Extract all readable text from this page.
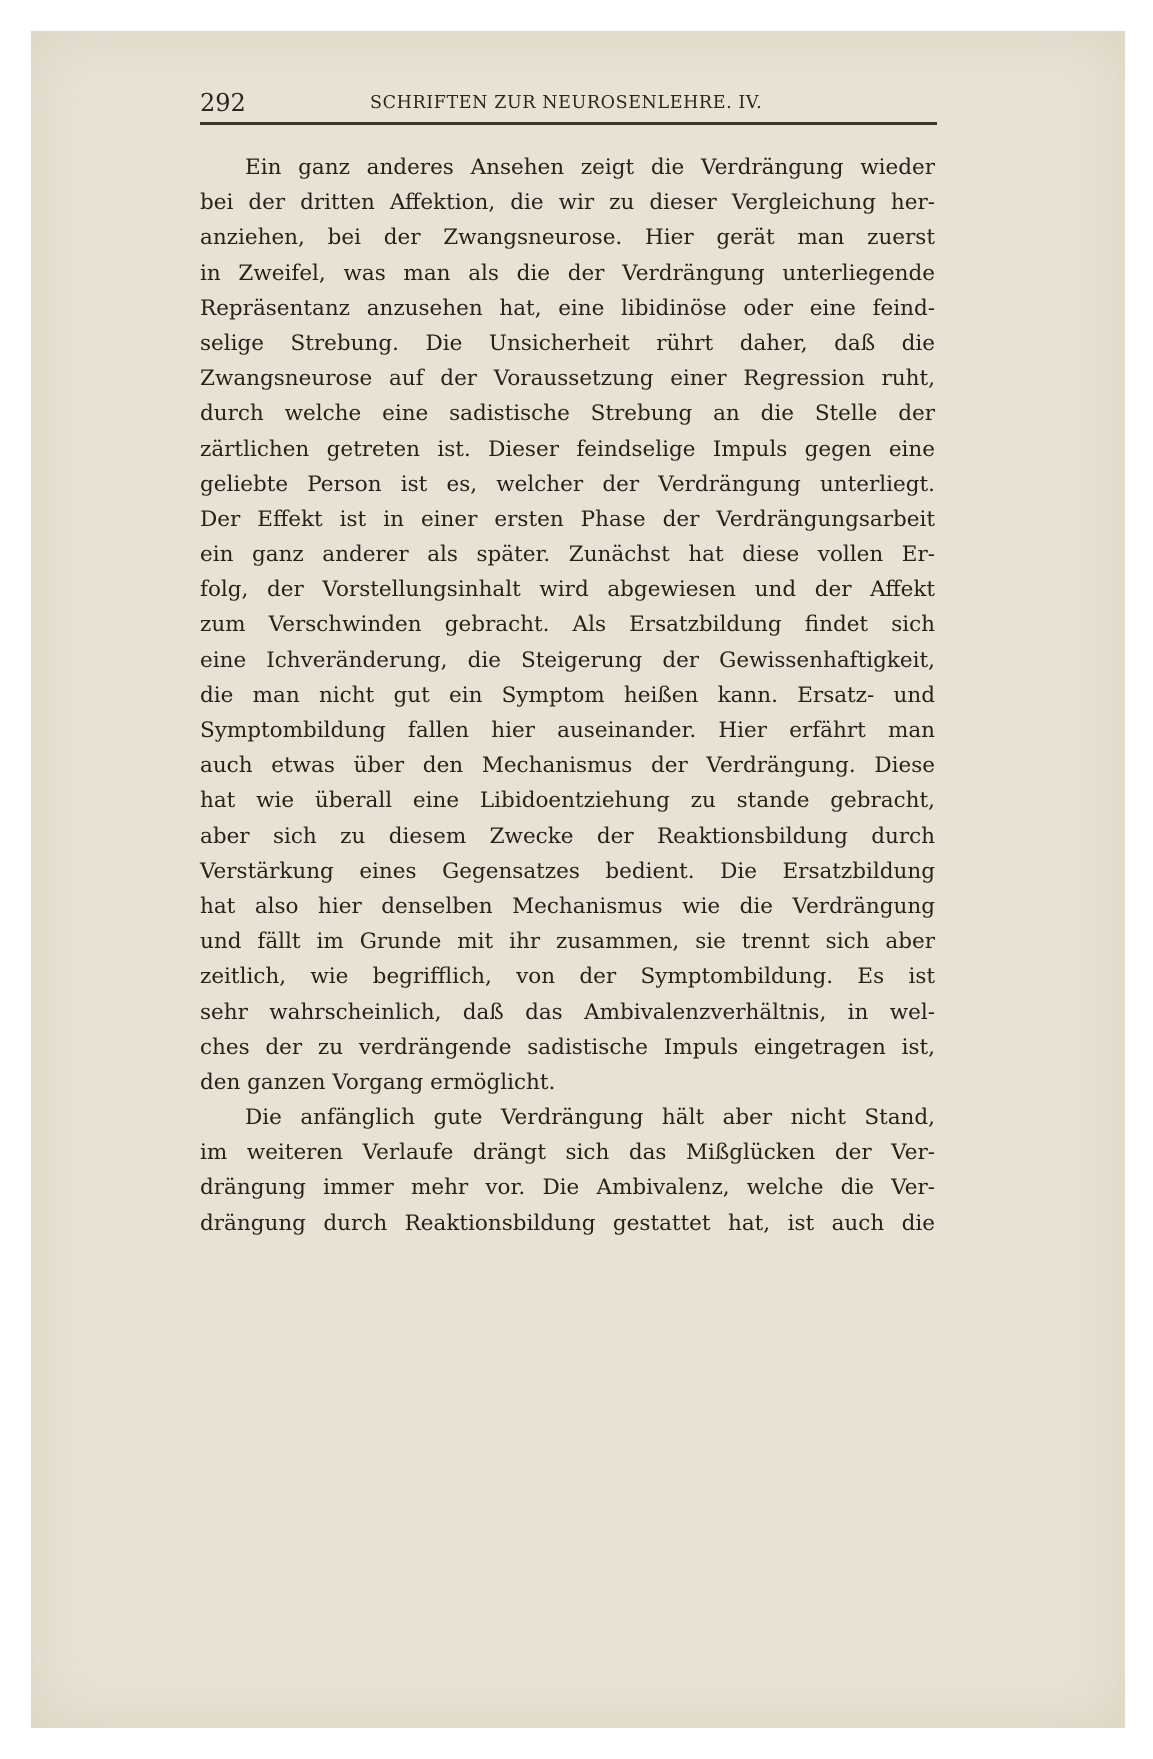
292	SCHRIFTEN ZUR NEUROSENLEHRE. IV.
Ein ganz anderes Ansehen zeigt die Verdrängung wieder
bei der dritten Affektion, die wir zu dieser Vergleichung her-
anziehen, bei der Zwangsneurose. Hier gerät man zuerst
in Zweifel, was man als die der Verdrängung unterliegende
Repräsentanz anzusehen hat, eine libidinöse oder eine feind-
selige Strebung. Die Unsicherheit rührt daher, daß die
Zwangsneurose auf der Voraussetzung einer Regression ruht,
durch welche eine sadistische Strebung an die Stelle der
zärtlichen getreten ist. Dieser feindselige Impuls gegen eine
geliebte Person ist es, welcher der Verdrängung unterliegt.
Der Effekt ist in einer ersten Phase der Verdrängungsarbeit
ein ganz anderer als später. Zunächst hat diese vollen Er-
folg, der Vorstellungsinhalt wird abgewiesen und der Affekt
zum Verschwinden gebracht. Als Ersatzbildung findet sich
eine Ichveränderung, die Steigerung der Gewissenhaftigkeit,
die man nicht gut ein Symptom heißen kann. Ersatz- und
Symptombildung fallen hier auseinander. Hier erfährt man
auch etwas über den Mechanismus der Verdrängung. Diese
hat wie überall eine Libidoentziehung zu stande gebracht,
aber sich zu diesem Zwecke der Reaktionsbildung durch
Verstärkung eines Gegensatzes bedient. Die Ersatzbildung
hat also hier denselben Mechanismus wie die Verdrängung
und fällt im Grunde mit ihr zusammen, sie trennt sich aber
zeitlich, wie begrifflich, von der Symptombildung. Es ist
sehr wahrscheinlich, daß das Ambivalenzverhältnis, in wel-
ches der zu verdrängende sadistische Impuls eingetragen ist,
den ganzen Vorgang ermöglicht.
Die anfänglich gute Verdrängung hält aber nicht Stand,
im weiteren Verlaufe drängt sich das Mißglücken der Ver-
drängung immer mehr vor. Die Ambivalenz, welche die Ver-
drängung durch Reaktionsbildung gestattet hat, ist auch die
